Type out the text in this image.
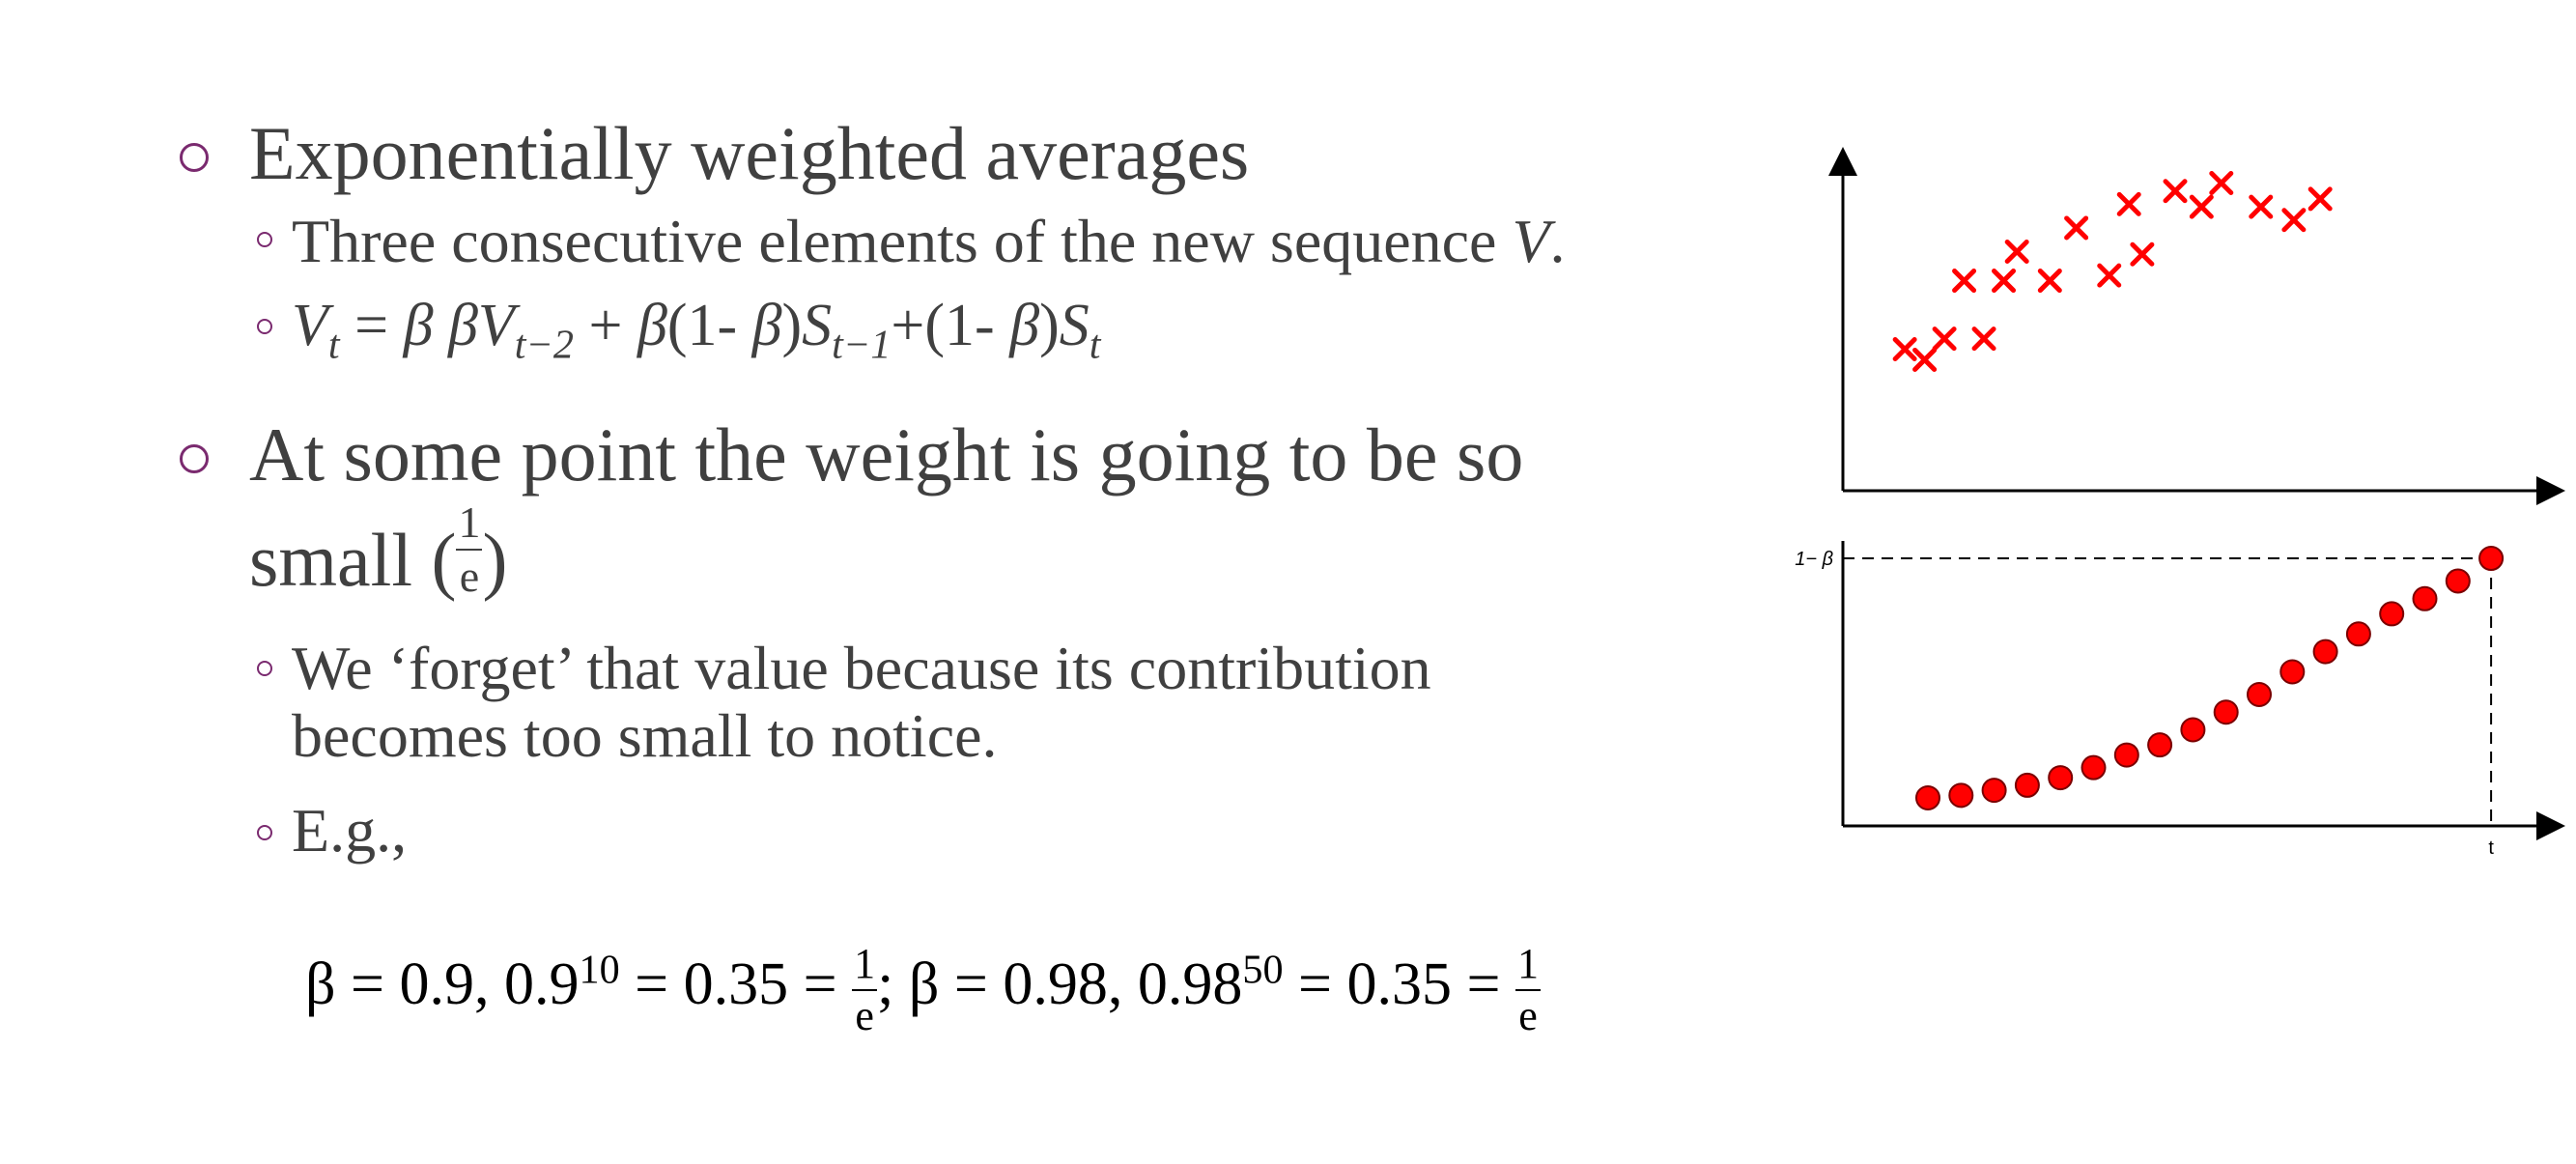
Exponentially weighted averages
Three consecutive elements of the new sequence V.
$V_t = \beta$ $\beta V_{t-2} + \beta(1-$ $\beta)S_{t-1}+(1-$ $\beta)S_t$
At some point the weight is going to be so
small ( $\frac{1}{e}$ )
We ‘forget’ that value because its contribution
becomes too small to notice.
E.g.,
β = 0.9, $0.9^{10} = 0.35 = \frac{1}{e}$ ; β = 0.98, $0.98^{50} = 0.35 = \frac{1}{e}$
1− β
t
